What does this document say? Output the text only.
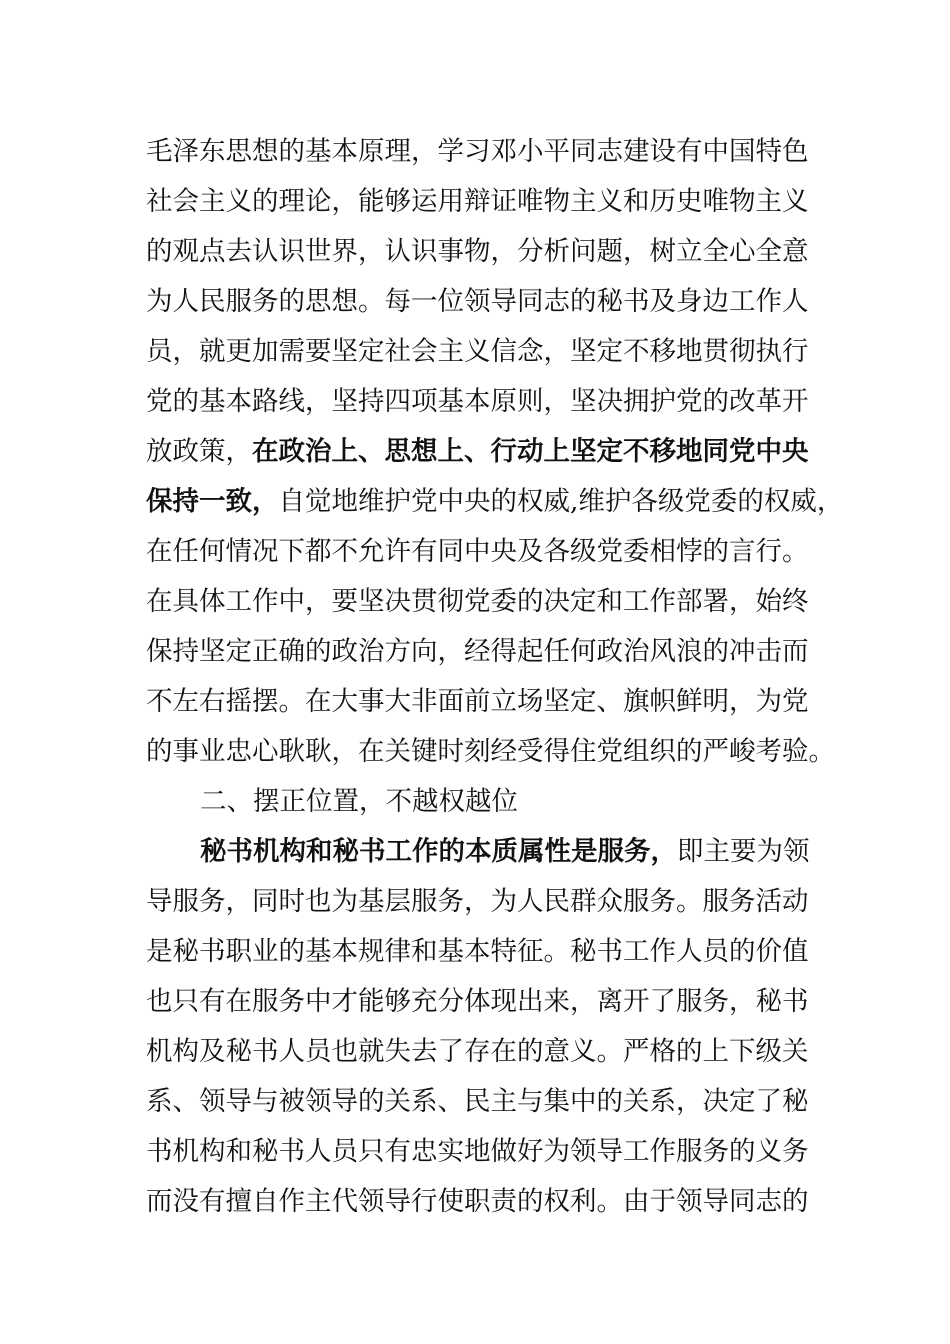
毛泽东思想的基本原理，学习邓小平同志建设有中国特色
社会主义的理论，能够运用辩证唯物主义和历史唯物主义
的观点去认识世界，认识事物，分析问题，树立全心全意
为人民服务的思想。每一位领导同志的秘书及身边工作人
员，就更加需要坚定社会主义信念，坚定不移地贯彻执行
党的基本路线，坚持四项基本原则，坚决拥护党的改革开
放政策，在政治上、思想上、行动上坚定不移地同党中央
保持一致，自觉地维护党中央的权威,维护各级党委的权威，
在任何情况下都不允许有同中央及各级党委相悖的言行。
在具体工作中，要坚决贯彻党委的决定和工作部署，始终
保持坚定正确的政治方向，经得起任何政治风浪的冲击而
不左右摇摆。在大事大非面前立场坚定、旗帜鲜明，为党
的事业忠心耿耿，在关键时刻经受得住党组织的严峻考验。
二、摆正位置，不越权越位
秘书机构和秘书工作的本质属性是服务，即主要为领
导服务，同时也为基层服务，为人民群众服务。服务活动
是秘书职业的基本规律和基本特征。秘书工作人员的价值
也只有在服务中才能够充分体现出来，离开了服务，秘书
机构及秘书人员也就失去了存在的意义。严格的上下级关
系、领导与被领导的关系、民主与集中的关系，决定了秘
书机构和秘书人员只有忠实地做好为领导工作服务的义务
而没有擅自作主代领导行使职责的权利。由于领导同志的
